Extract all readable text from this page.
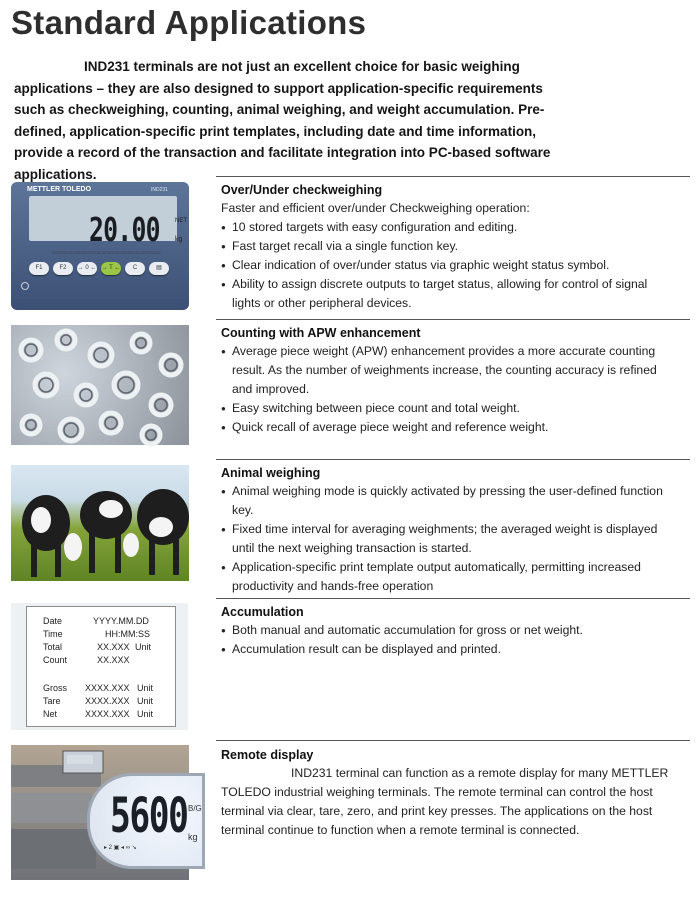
Standard Applications
IND231 terminals are not just an excellent choice for basic weighing applications – they are also designed to support application-specific requirements such as checkweighing, counting, animal weighing, and weight accumulation. Pre-defined, application-specific print templates, including date and time information, provide a record of the transaction and facilitate integration into PC-based software applications.
METTLER TOLEDO	IND231
20.00	NET
kg
▭▭▭▭▭▭▭▭▭▭▭▭▭▭▭▭▭▭▭▭▭▭▭
F1	F2	→ 0 ← → T ←	C	▤
Over/Under checkweighing

Faster and efficient over/under Checkweighing operation:

● 10 stored targets with easy configuration and editing.
● Fast target recall via a single function key.
● Clear indication of over/under status via graphic weight status symbol.
● Ability to assign discrete outputs to target status, allowing for control of signal lights or other peripheral devices.
Counting with APW enhancement
● Average piece weight (APW) enhancement provides a more accurate counting result. As the number of weighments increase, the counting accuracy is refined and improved.
● Easy switching between piece count and total weight.
● Quick recall of average piece weight and reference weight.
Animal weighing
● Animal weighing mode is quickly activated by pressing the user-defined function key.
● Fixed time interval for averaging weighments; the averaged weight is displayed until the next weighing transaction is started.
● Application-specific print template output automatically, permitting increased productivity and hands-free operation
Date	YYYY.MM.DD
Time	HH:MM:SS
Total	XX.XXX Unit
Count	XX.XXX
Gross XXXX.XXX Unit
Tare	XXXX.XXX Unit
Net	XXXX.XXX Unit
Accumulation
● Both manual and automatic accumulation for gross or net weight.
● Accumulation result can be displayed and printed.
5600 B/G
kg
▸ 2 ▣ ◂ ∞ ↘
Remote display

IND231 terminal can function as a remote display for many METTLER TOLEDO industrial weighing terminals. The remote terminal can control the host terminal via clear, tare, zero, and print key presses. The applications on the host terminal continue to function when a remote terminal is connected.
